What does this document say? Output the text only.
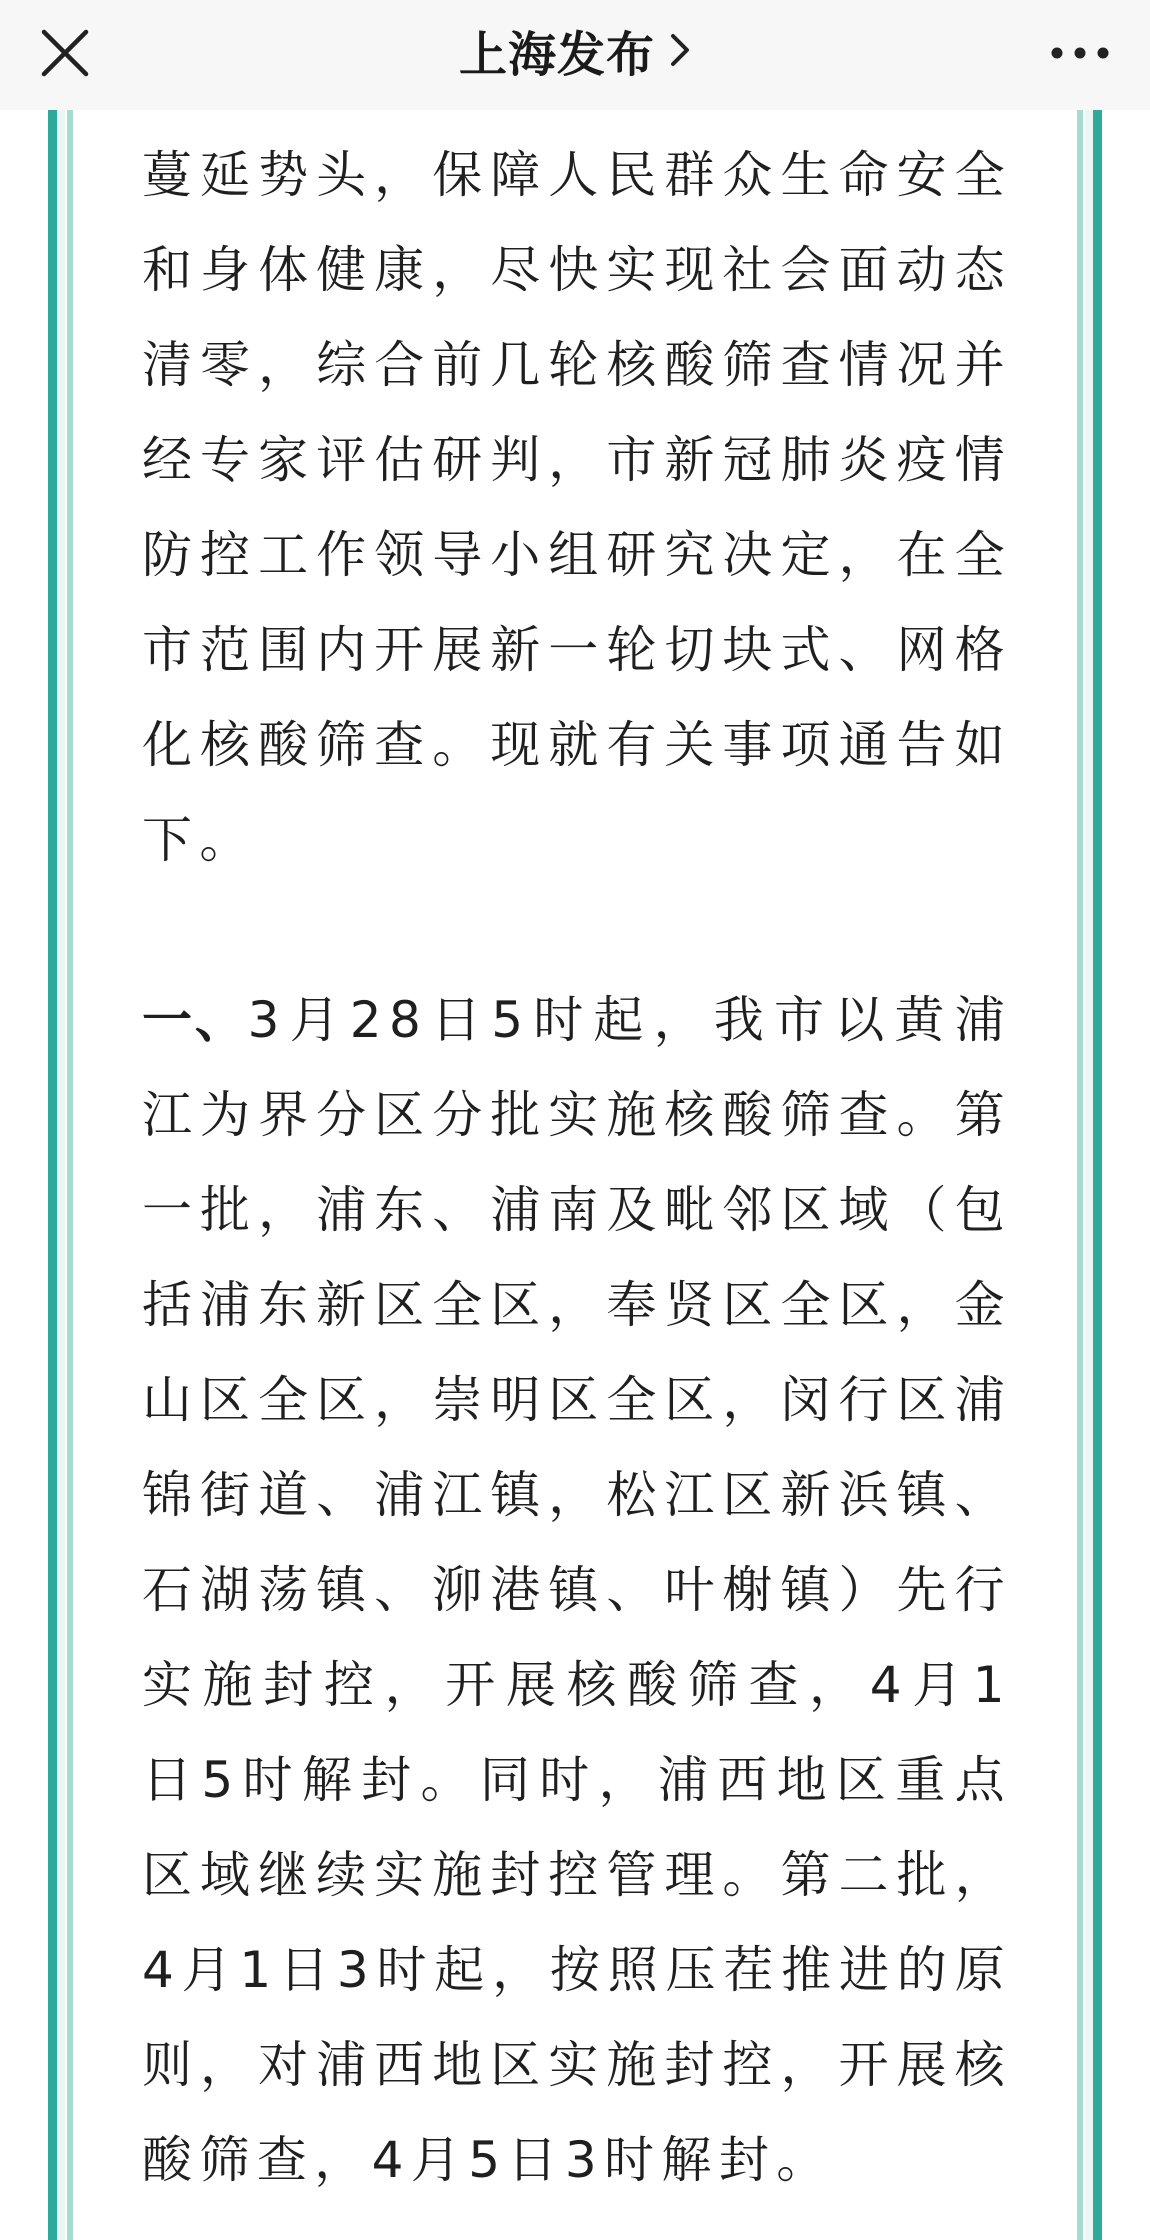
上海发布

蔓延势头，保障人民群众生命安全和身体健康，尽快实现社会面动态清零，综合前几轮核酸筛查情况并经专家评估研判，市新冠肺炎疫情防控工作领导小组研究决定，在全市范围内开展新一轮切块式、网格化核酸筛查。现就有关事项通告如下。

一、3月28日5时起，我市以黄浦江为界分区分批实施核酸筛查。第一批，浦东、浦南及毗邻区域（包括浦东新区全区，奉贤区全区，金山区全区，崇明区全区，闵行区浦锦街道、浦江镇，松江区新浜镇、石湖荡镇、泖港镇、叶榭镇）先行实施封控，开展核酸筛查，4月1日5时解封。同时，浦西地区重点区域继续实施封控管理。第二批，4月1日3时起，按照压茬推进的原则，对浦西地区实施封控，开展核酸筛查，4月5日3时解封。
